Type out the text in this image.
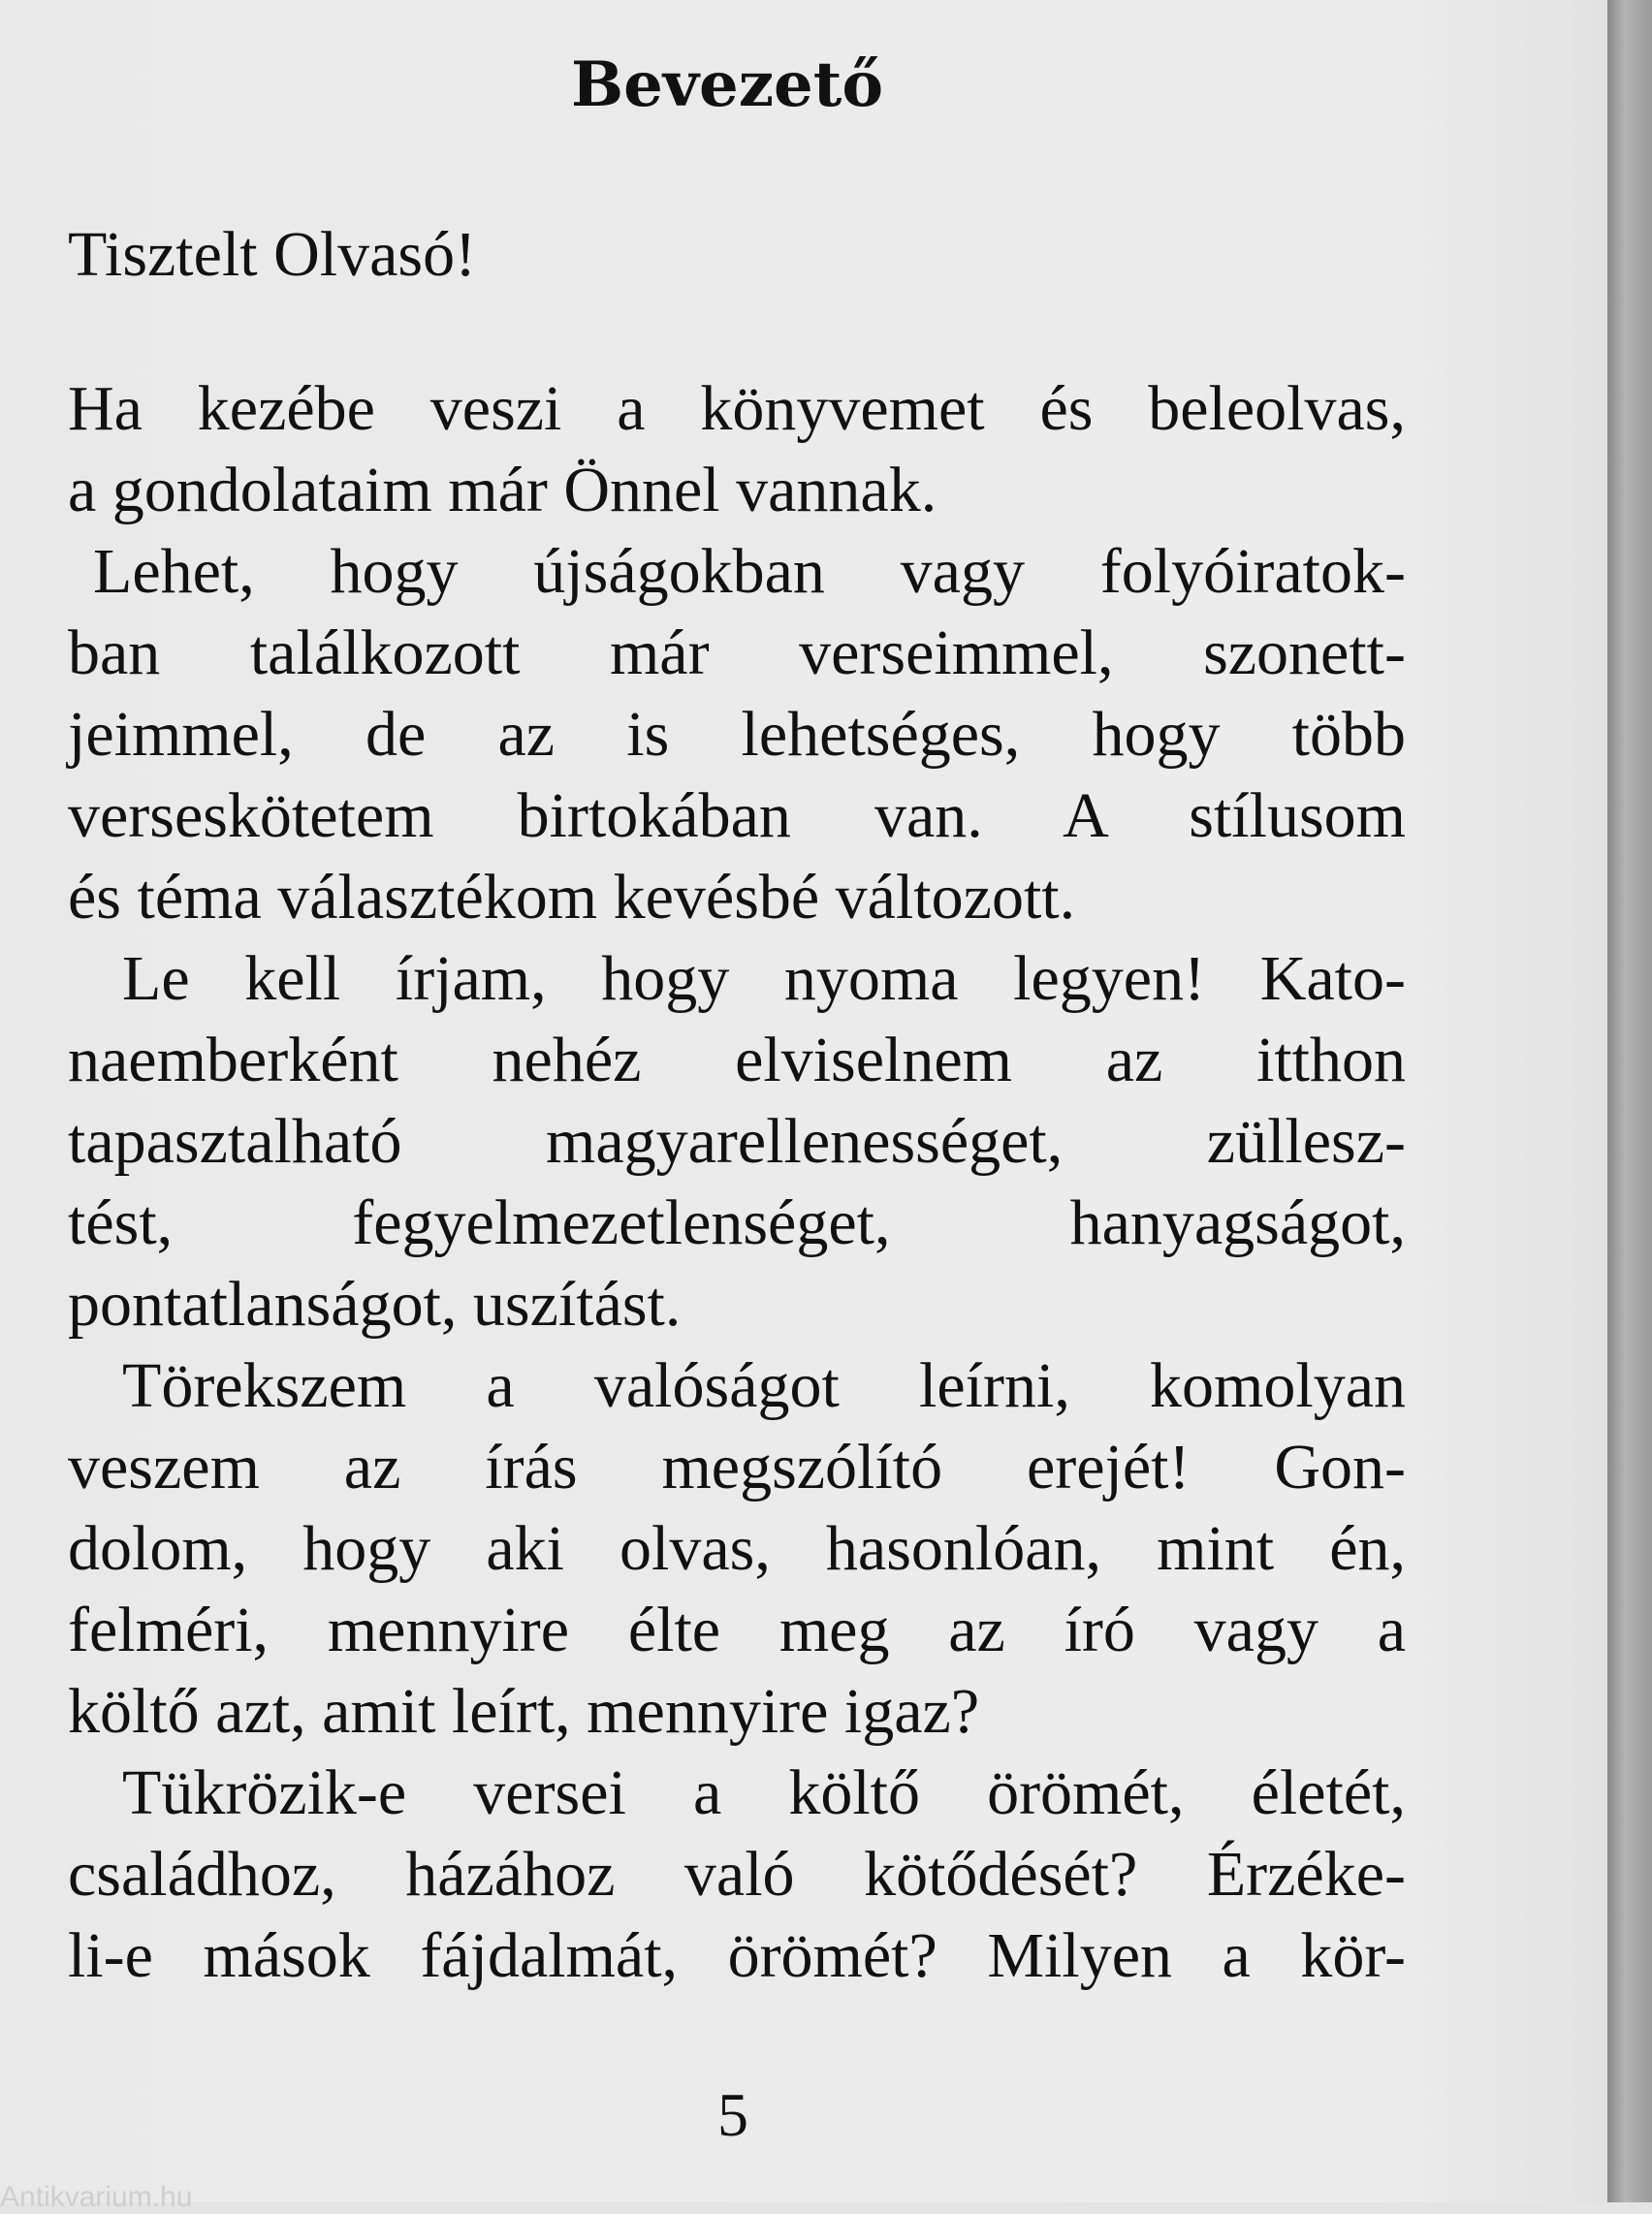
Bevezető
Tisztelt Olvasó!
Ha kezébe veszi a könyvemet és beleolvas,
a gondolataim már Önnel vannak.
Lehet, hogy újságokban vagy folyóiratok-
ban találkozott már verseimmel, szonett-
jeimmel, de az is lehetséges, hogy több
verseskötetem birtokában van. A stílusom
és téma választékom kevésbé változott.
Le kell írjam, hogy nyoma legyen! Kato-
naemberként nehéz elviselnem az itthon
tapasztalható magyarellenességet, züllesz-
tést, fegyelmezetlenséget, hanyagságot,
pontatlanságot, uszítást.
Törekszem a valóságot leírni, komolyan
veszem az írás megszólító erejét! Gon-
dolom, hogy aki olvas, hasonlóan, mint én,
felméri, mennyire élte meg az író vagy a
költő azt, amit leírt, mennyire igaz?
Tükrözik-e versei a költő örömét, életét,
családhoz, házához való kötődését? Érzéke-
li-e mások fájdalmát, örömét? Milyen a kör-
5
Antikvarium.hu
